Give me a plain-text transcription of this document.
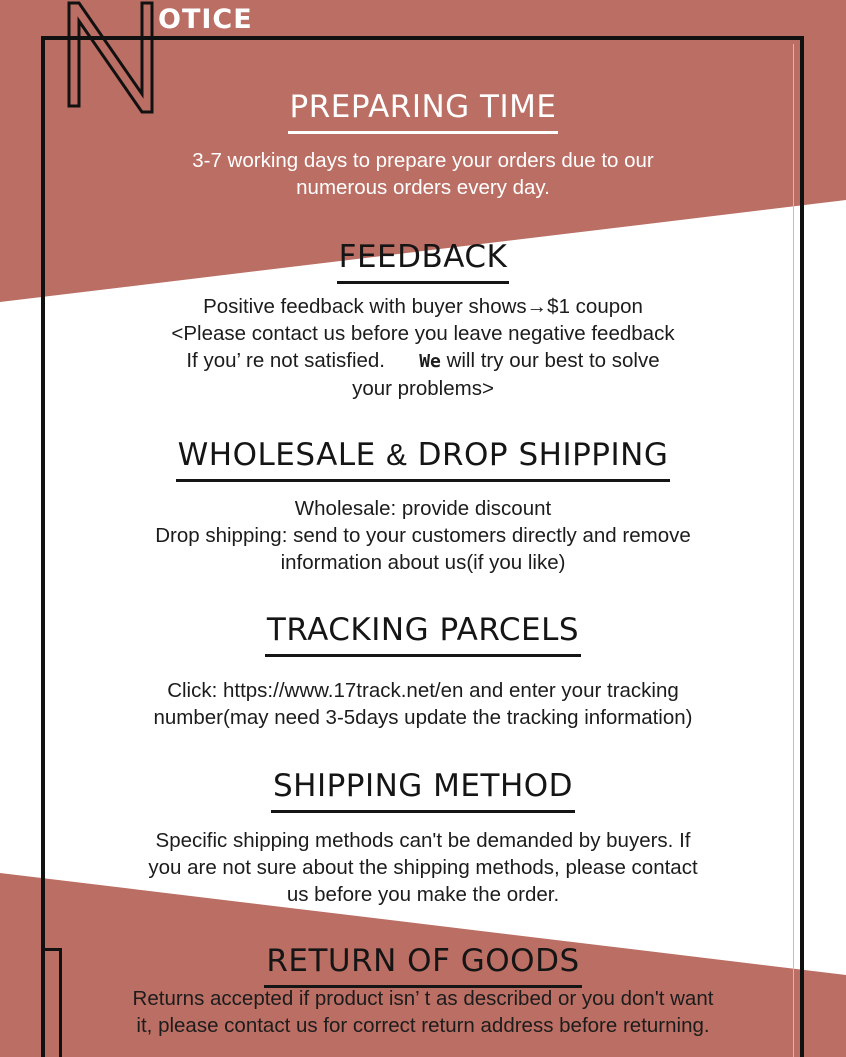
OTICE
PREPARING TIME

3-7 working days to prepare your orders due to our

numerous orders every day.

FEEDBACK

Positive feedback with buyer shows→$1 coupon

<Please contact us before you leave negative feedback

If you’ re not satisfied.      We will try our best to solve

your problems>

WHOLESALE & DROP SHIPPING

Wholesale: provide discount

Drop shipping: send to your customers directly and remove

information about us(if you like)

TRACKING PARCELS

Click: https://www.17track.net/en and enter your tracking

number(may need 3-5days update the tracking information)

SHIPPING METHOD

Specific shipping methods can't be demanded by buyers. If

you are not sure about the shipping methods, please contact

us before you make the order.

RETURN OF GOODS

Returns accepted if product isn’ t as described or you don't want

it, please contact us for correct return address before returning.
